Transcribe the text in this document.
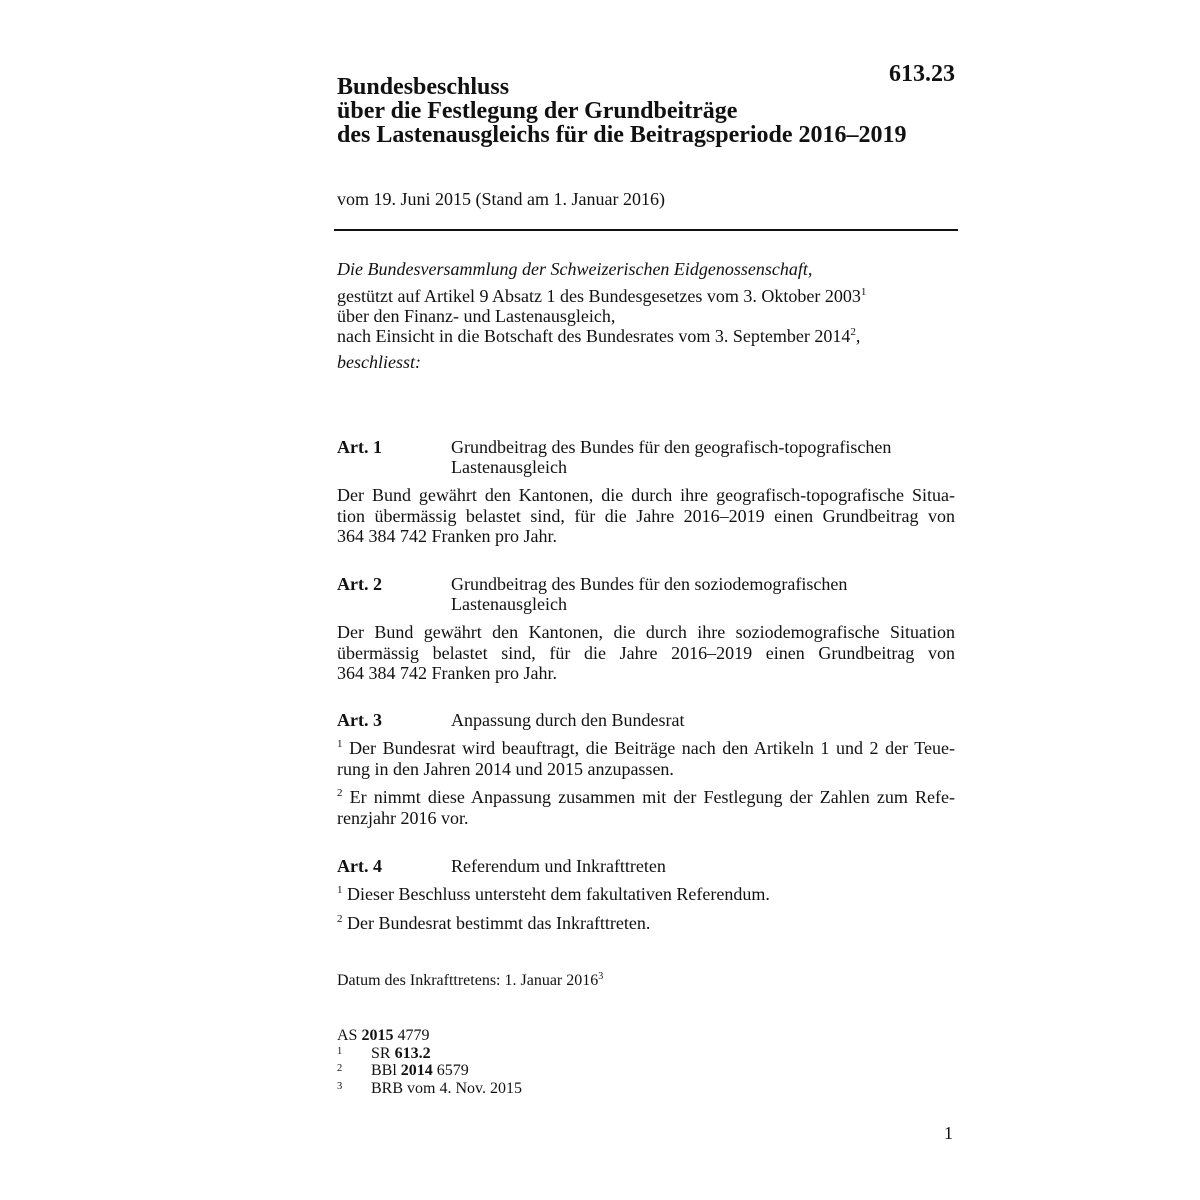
613.23
Bundesbeschluss
über die Festlegung der Grundbeiträge
des Lastenausgleichs für die Beitragsperiode 2016–2019
vom 19. Juni 2015 (Stand am 1. Januar 2016)
Die Bundesversammlung der Schweizerischen Eidgenossenschaft,
gestützt auf Artikel 9 Absatz 1 des Bundesgesetzes vom 3. Oktober 2003$^1$
über den Finanz- und Lastenausgleich,
nach Einsicht in die Botschaft des Bundesrates vom 3. September 2014$^2$,
beschliesst:
Art. 1	Grundbeitrag des Bundes für den geografisch-topografischen
Lastenausgleich
Der Bund gewährt den Kantonen, die durch ihre geografisch-topografische Situa-
tion übermässig belastet sind, für die Jahre 2016–2019 einen Grundbeitrag von
364 384 742 Franken pro Jahr.
Art. 2	Grundbeitrag des Bundes für den soziodemografischen
Lastenausgleich
Der Bund gewährt den Kantonen, die durch ihre soziodemografische Situation
übermässig belastet sind, für die Jahre 2016–2019 einen Grundbeitrag von
364 384 742 Franken pro Jahr.
Art. 3	Anpassung durch den Bundesrat
$^1$ Der Bundesrat wird beauftragt, die Beiträge nach den Artikeln 1 und 2 der Teue-
rung in den Jahren 2014 und 2015 anzupassen.
$^2$ Er nimmt diese Anpassung zusammen mit der Festlegung der Zahlen zum Refe-
renzjahr 2016 vor.
Art. 4	Referendum und Inkrafttreten
$^1$ Dieser Beschluss untersteht dem fakultativen Referendum.
$^2$ Der Bundesrat bestimmt das Inkrafttreten.
Datum des Inkrafttretens: 1. Januar 2016$^3$
AS 2015 4779
1 SR 613.2
2 BBl 2014 6579
3 BRB vom 4. Nov. 2015
1
